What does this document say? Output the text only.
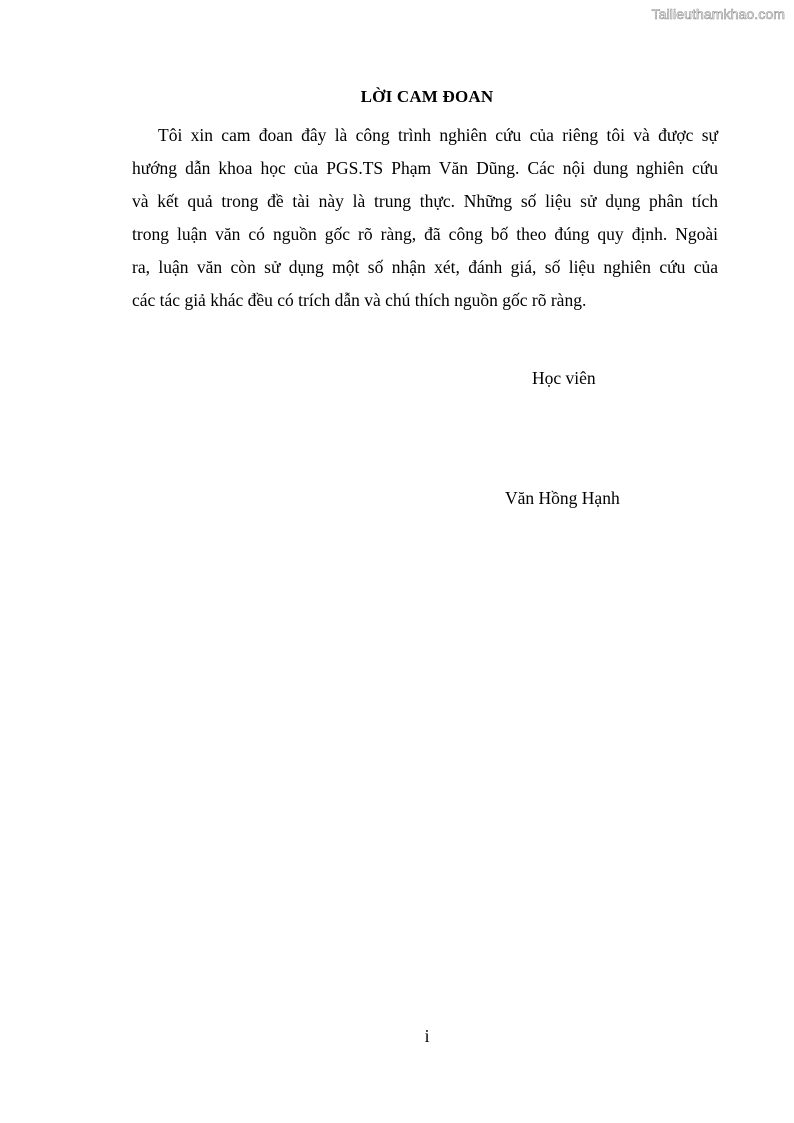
Tailieuthamkhao.com
LỜI CAM ĐOAN
Tôi xin cam đoan đây là công trình nghiên cứu của riêng tôi và được sự
hướng dẫn khoa học của PGS.TS Phạm Văn Dũng. Các nội dung nghiên cứu
và kết quả trong đề tài này là trung thực. Những số liệu sử dụng phân tích
trong luận văn có nguồn gốc rõ ràng, đã công bố theo đúng quy định. Ngoài
ra, luận văn còn sử dụng một số nhận xét, đánh giá, số liệu nghiên cứu của
các tác giả khác đều có trích dẫn và chú thích nguồn gốc rõ ràng.
Học viên
Văn Hồng Hạnh
i
